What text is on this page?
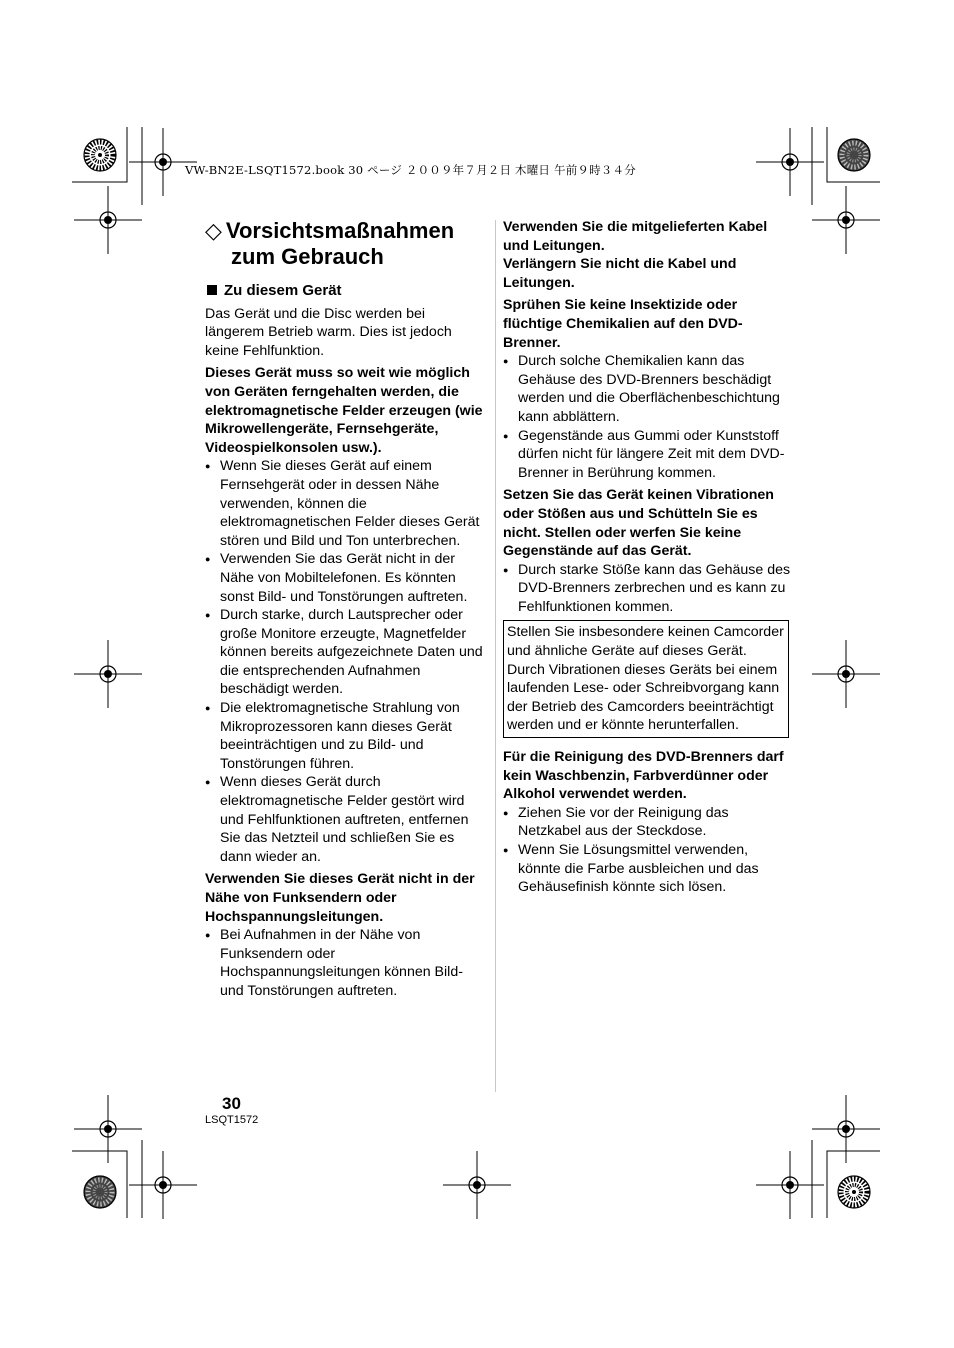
VW-BN2E-LSQT1572.book 30 ページ ２００９年７月２日 木曜日 午前９時３４分
◇ Vorsichtsmaßnahmen
zum Gebrauch
Zu diesem Gerät

Das Gerät und die Disc werden bei längerem Betrieb warm. Dies ist jedoch keine Fehlfunktion.

Dieses Gerät muss so weit wie möglich von Geräten ferngehalten werden, die elektromagnetische Felder erzeugen (wie Mikrowellengeräte, Fernsehgeräte, Videospielkonsolen usw.).

● Wenn Sie dieses Gerät auf einem Fernsehgerät oder in dessen Nähe verwenden, können die elektromagnetischen Felder dieses Gerät stören und Bild und Ton unterbrechen.
● Verwenden Sie das Gerät nicht in der Nähe von Mobiltelefonen. Es könnten sonst Bild- und Tonstörungen auftreten.
● Durch starke, durch Lautsprecher oder große Monitore erzeugte, Magnetfelder können bereits aufgezeichnete Daten und die entsprechenden Aufnahmen beschädigt werden.
● Die elektromagnetische Strahlung von Mikroprozessoren kann dieses Gerät beeinträchtigen und zu Bild- und Tonstörungen führen.
● Wenn dieses Gerät durch elektromagnetische Felder gestört wird und Fehlfunktionen auftreten, entfernen Sie das Netzteil und schließen Sie es dann wieder an.

Verwenden Sie dieses Gerät nicht in der Nähe von Funksendern oder Hochspannungsleitungen.

● Bei Aufnahmen in der Nähe von Funksendern oder Hochspannungsleitungen können Bild- und Tonstörungen auftreten.

Verwenden Sie die mitgelieferten Kabel und Leitungen.

Verlängern Sie nicht die Kabel und Leitungen.

Sprühen Sie keine Insektizide oder flüchtige Chemikalien auf den DVD-Brenner.

● Durch solche Chemikalien kann das Gehäuse des DVD-Brenners beschädigt werden und die Oberflächenbeschichtung kann abblättern.
● Gegenstände aus Gummi oder Kunststoff dürfen nicht für längere Zeit mit dem DVD-Brenner in Berührung kommen.

Setzen Sie das Gerät keinen Vibrationen oder Stößen aus und Schütteln Sie es nicht. Stellen oder werfen Sie keine Gegenstände auf das Gerät.

● Durch starke Stöße kann das Gehäuse des DVD-Brenners zerbrechen und es kann zu Fehlfunktionen kommen.

Stellen Sie insbesondere keinen Camcorder und ähnliche Geräte auf dieses Gerät. Durch Vibrationen dieses Geräts bei einem laufenden Lese- oder Schreibvorgang kann der Betrieb des Camcorders beeinträchtigt werden und er könnte herunterfallen.

Für die Reinigung des DVD-Brenners darf kein Waschbenzin, Farbverdünner oder Alkohol verwendet werden.

● Ziehen Sie vor der Reinigung das Netzkabel aus der Steckdose.
● Wenn Sie Lösungsmittel verwenden, könnte die Farbe ausbleichen und das Gehäusefinish könnte sich lösen.
30
LSQT1572
